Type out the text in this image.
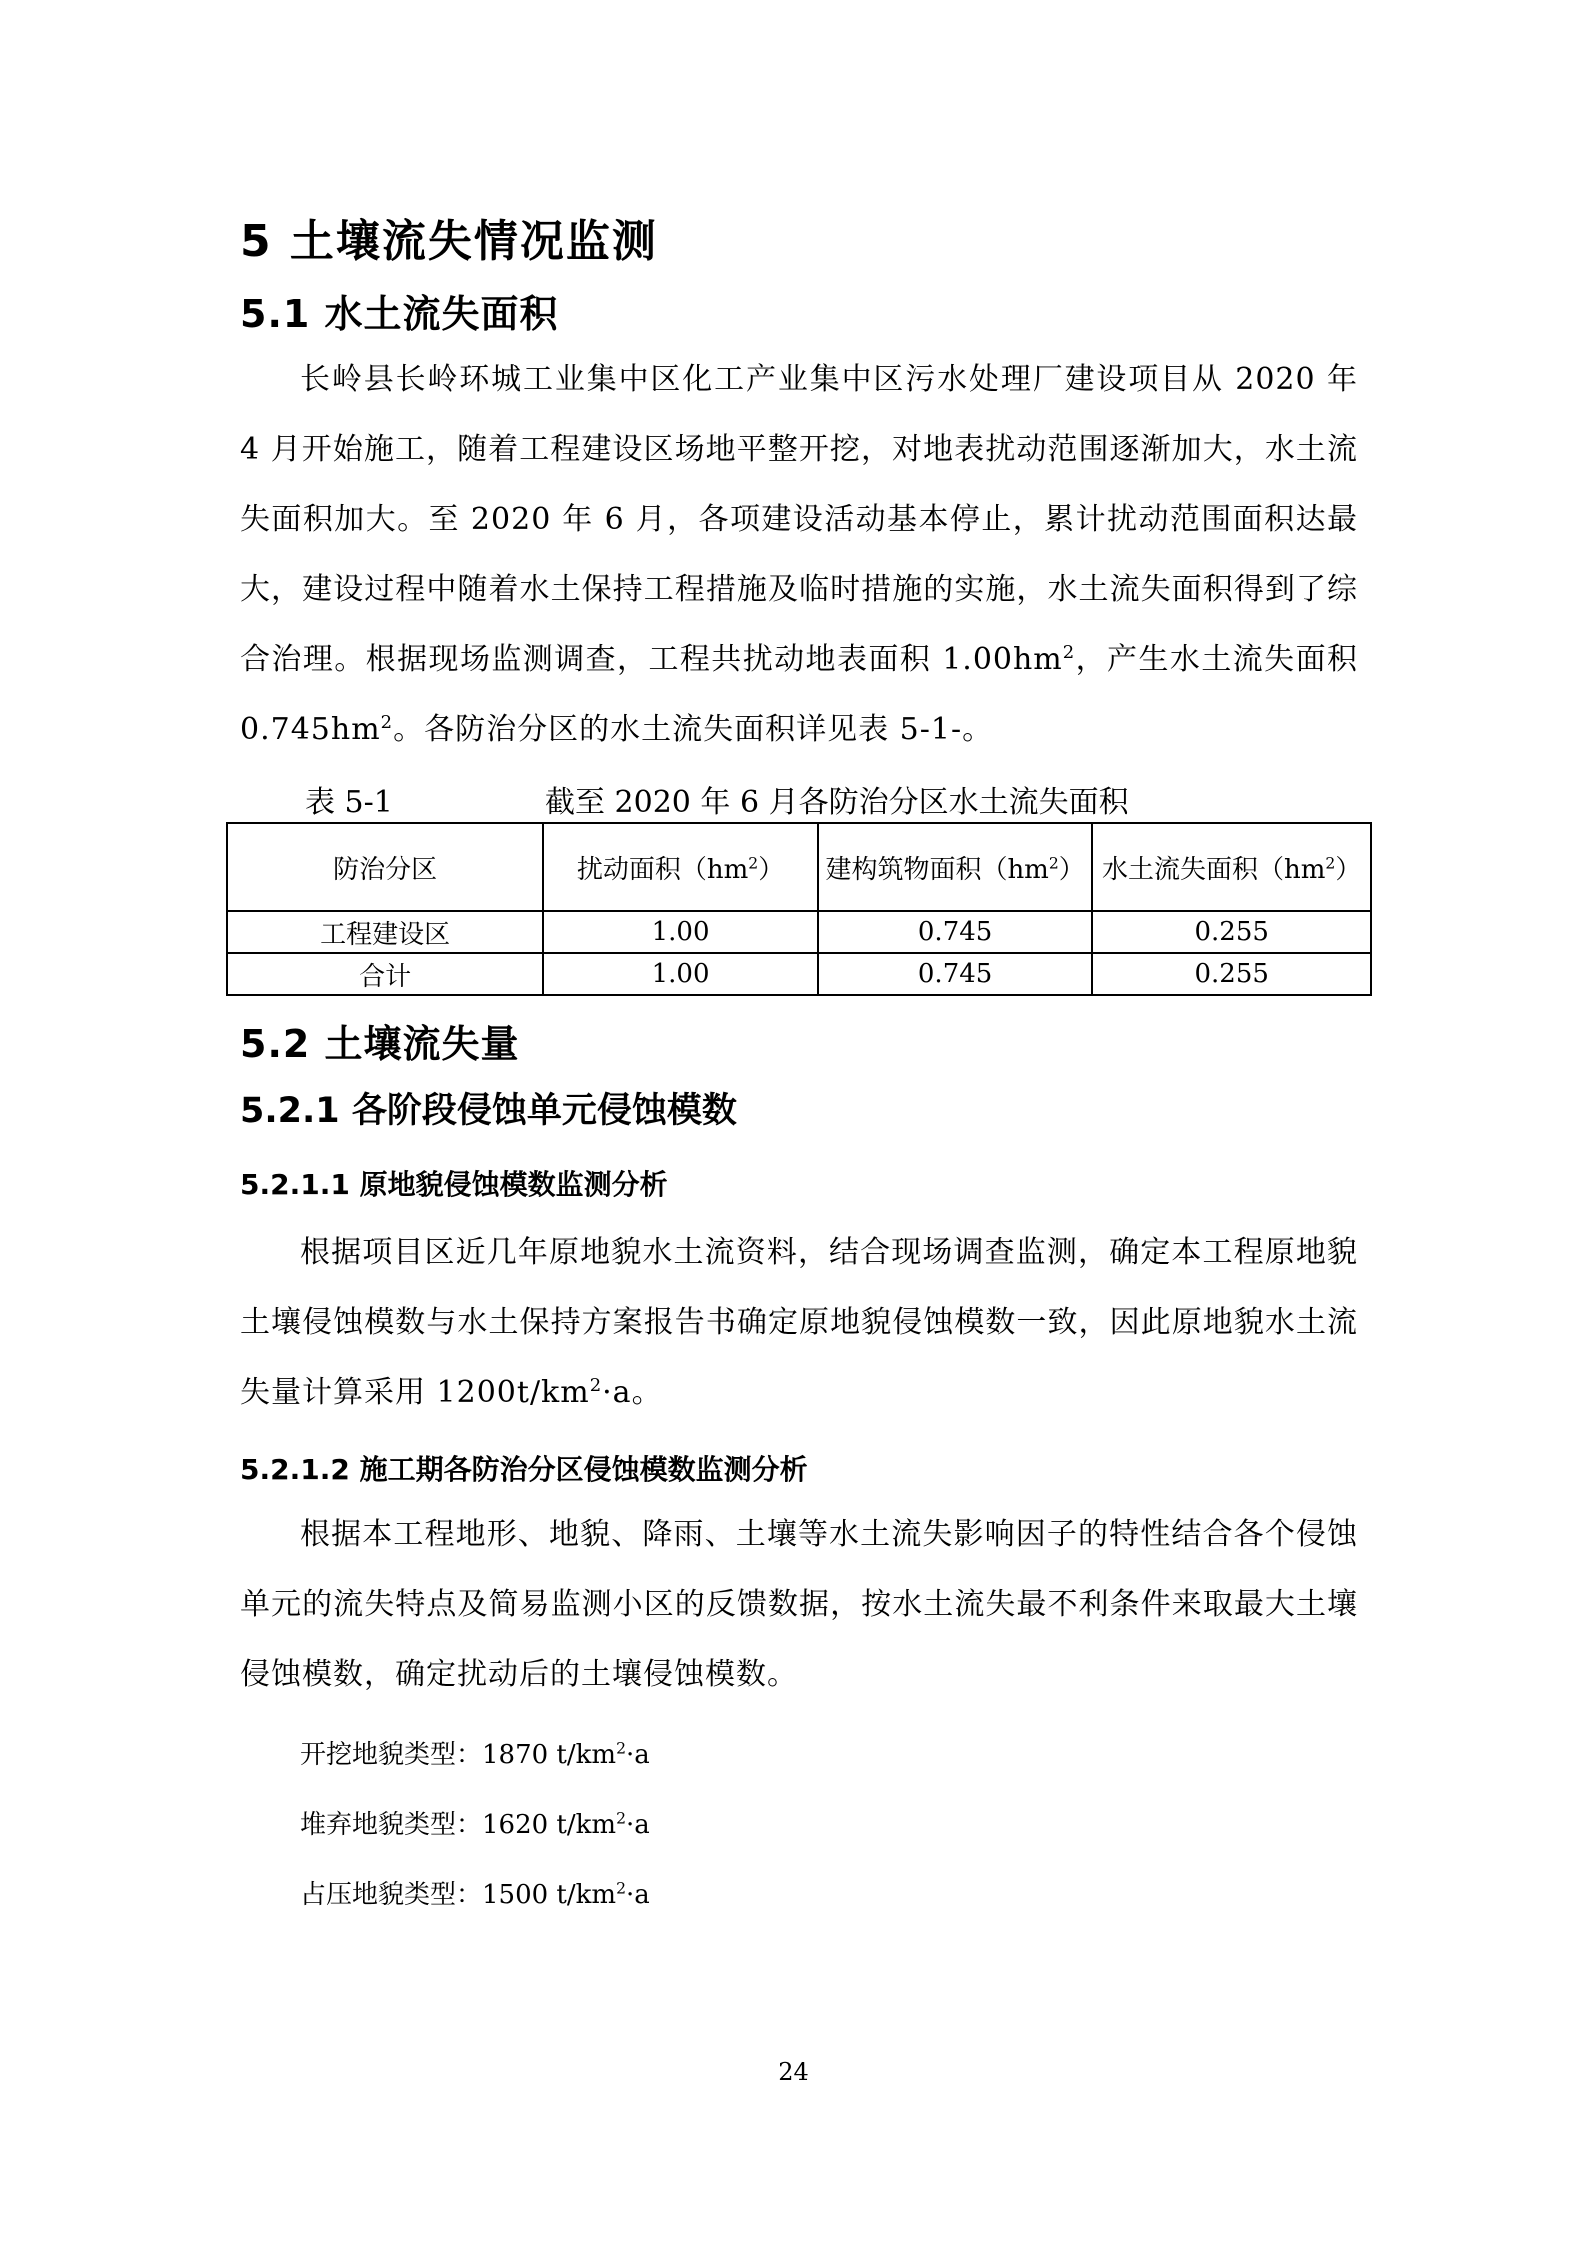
5 土壤流失情况监测
5.1 水土流失面积
长岭县长岭环城工业集中区化工产业集中区污水处理厂建设项目从 2020 年 4 月开始施工，随着工程建设区场地平整开挖，对地表扰动范围逐渐加大，水土流失面积加大。至 2020 年 6 月，各项建设活动基本停止，累计扰动范围面积达最大，建设过程中随着水土保持工程措施及临时措施的实施，水土流失面积得到了综合治理。根据现场监测调查，工程共扰动地表面积 $1.00hm^2$，产生水土流失面积 $0.745hm^2$。各防治分区的水土流失面积详见表 5-1-。
表 5-1	截至 2020 年 6 月各防治分区水土流失面积
防治分区	扰动面积$(hm^2)$	建构筑物面积$(hm^2)$	水土流失面积$(hm^2)$
工程建设区	1.00	0.745	0.255
合计	1.00	0.745	0.255
5.2 土壤流失量
5.2.1 各阶段侵蚀单元侵蚀模数
5.2.1.1 原地貌侵蚀模数监测分析
根据项目区近几年原地貌水土流资料，结合现场调查监测，确定本工程原地貌土壤侵蚀模数与水土保持方案报告书确定原地貌侵蚀模数一致，因此原地貌水土流失量计算采用 $1200t/km^2\cdot a$。
5.2.1.2 施工期各防治分区侵蚀模数监测分析
根据本工程地形、地貌、降雨、土壤等水土流失影响因子的特性结合各个侵蚀单元的流失特点及简易监测小区的反馈数据，按水土流失最不利条件来取最大土壤侵蚀模数，确定扰动后的土壤侵蚀模数。
开挖地貌类型：1870 $t/km^2\cdot a$
堆弃地貌类型：1620 $t/km^2\cdot a$
占压地貌类型：1500 $t/km^2\cdot a$
24
